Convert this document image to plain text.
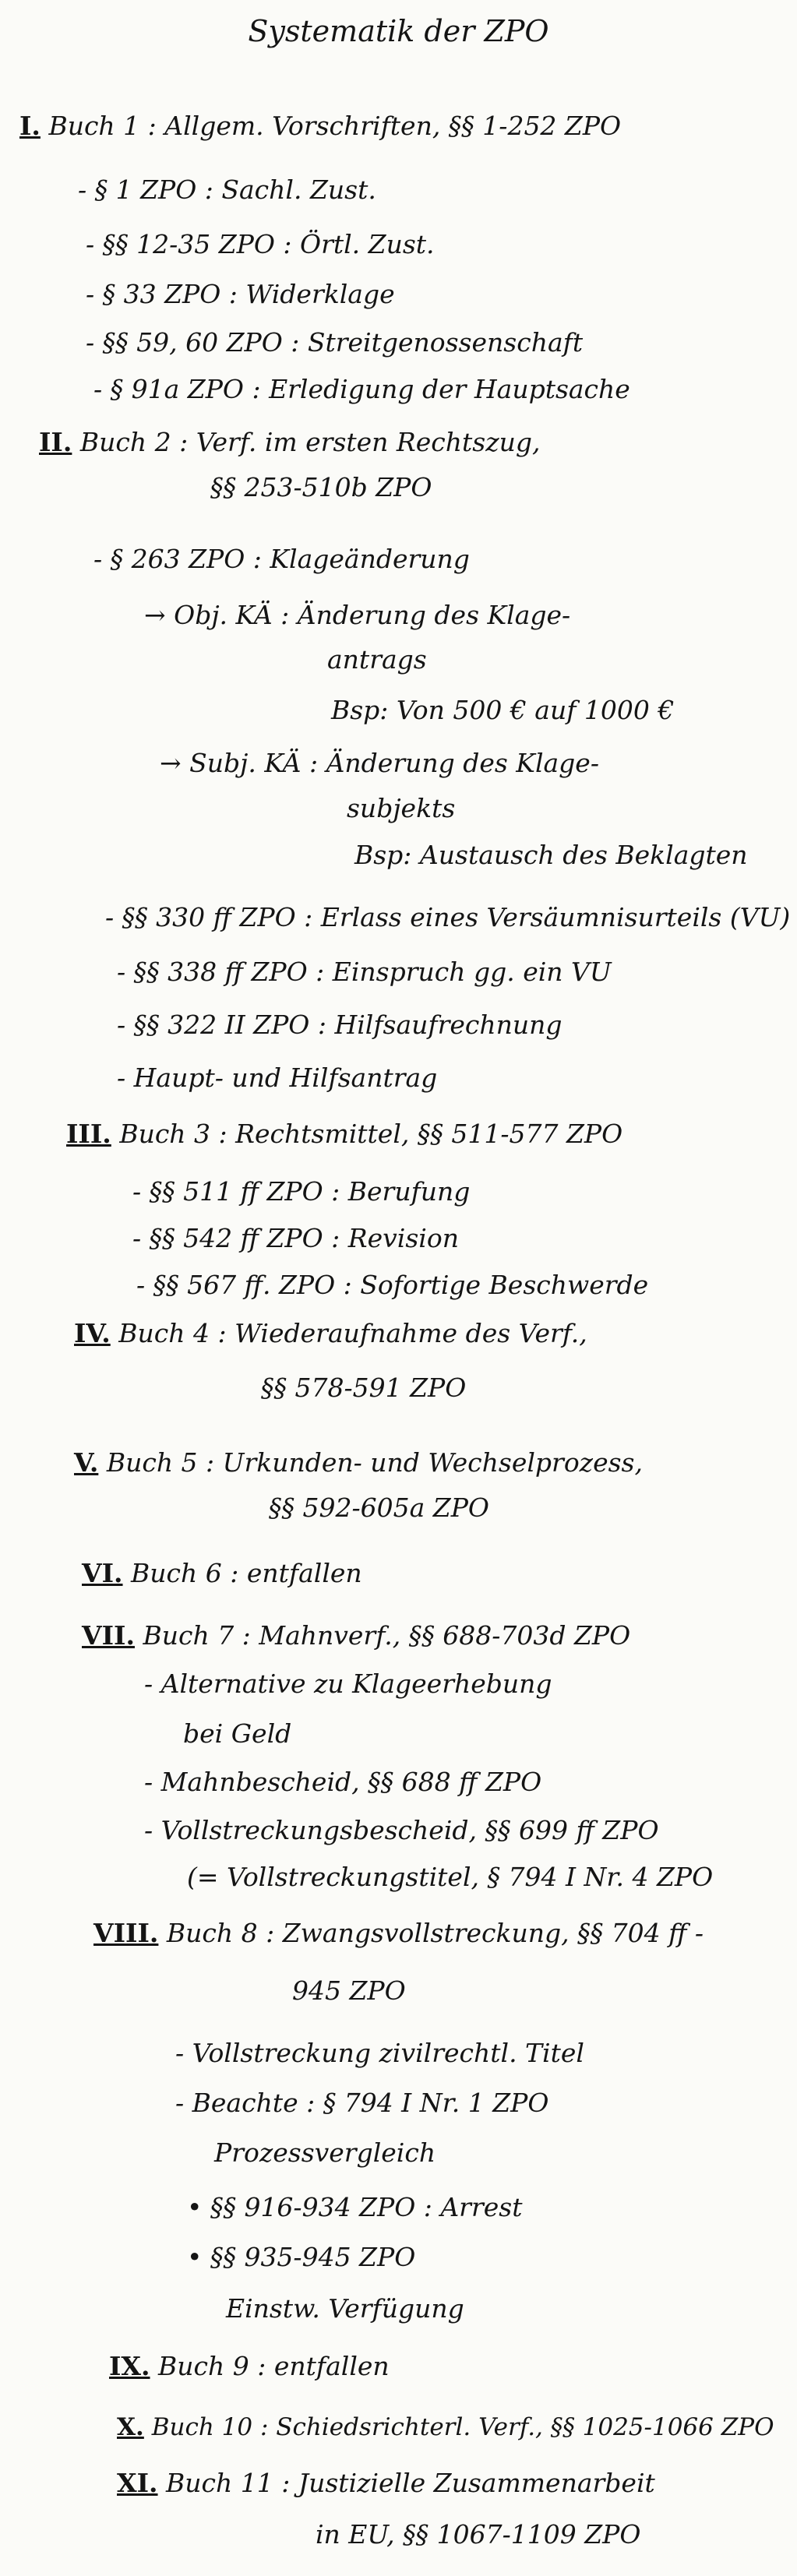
Systematik der ZPO
I. Buch 1 : Allgem. Vorschriften, §§ 1-252 ZPO
- § 1 ZPO : Sachl. Zust.
- §§ 12-35 ZPO : Örtl. Zust.
- § 33 ZPO : Widerklage
- §§ 59, 60 ZPO : Streitgenossenschaft
- § 91a ZPO : Erledigung der Hauptsache
II. Buch 2 : Verf. im ersten Rechtszug,
§§ 253-510b ZPO
- § 263 ZPO : Klageänderung
→ Obj. KÄ : Änderung des Klage-
antrags
Bsp: Von 500 € auf 1000 €
→ Subj. KÄ : Änderung des Klage-
subjekts
Bsp: Austausch des Beklagten
- §§ 330 ff ZPO : Erlass eines Versäumnisurteils (VU)
- §§ 338 ff ZPO : Einspruch gg. ein VU
- §§ 322 II ZPO : Hilfsaufrechnung
- Haupt- und Hilfsantrag
III. Buch 3 : Rechtsmittel, §§ 511-577 ZPO
- §§ 511 ff ZPO : Berufung
- §§ 542 ff ZPO : Revision
- §§ 567 ff. ZPO : Sofortige Beschwerde
IV. Buch 4 : Wiederaufnahme des Verf.,
§§ 578-591 ZPO
V. Buch 5 : Urkunden- und Wechselprozess,
§§ 592-605a ZPO
VI. Buch 6 : entfallen
VII. Buch 7 : Mahnverf., §§ 688-703d ZPO
- Alternative zu Klageerhebung
bei Geld
- Mahnbescheid, §§ 688 ff ZPO
- Vollstreckungsbescheid, §§ 699 ff ZPO
(= Vollstreckungstitel, § 794 I Nr. 4 ZPO
VIII. Buch 8 : Zwangsvollstreckung, §§ 704 ff -
945 ZPO
- Vollstreckung zivilrechtl. Titel
- Beachte : § 794 I Nr. 1 ZPO
Prozessvergleich
• §§ 916-934 ZPO : Arrest
• §§ 935-945 ZPO
Einstw. Verfügung
IX. Buch 9 : entfallen
X. Buch 10 : Schiedsrichterl. Verf., §§ 1025-1066 ZPO
XI. Buch 11 : Justizielle Zusammenarbeit
in EU, §§ 1067-1109 ZPO
